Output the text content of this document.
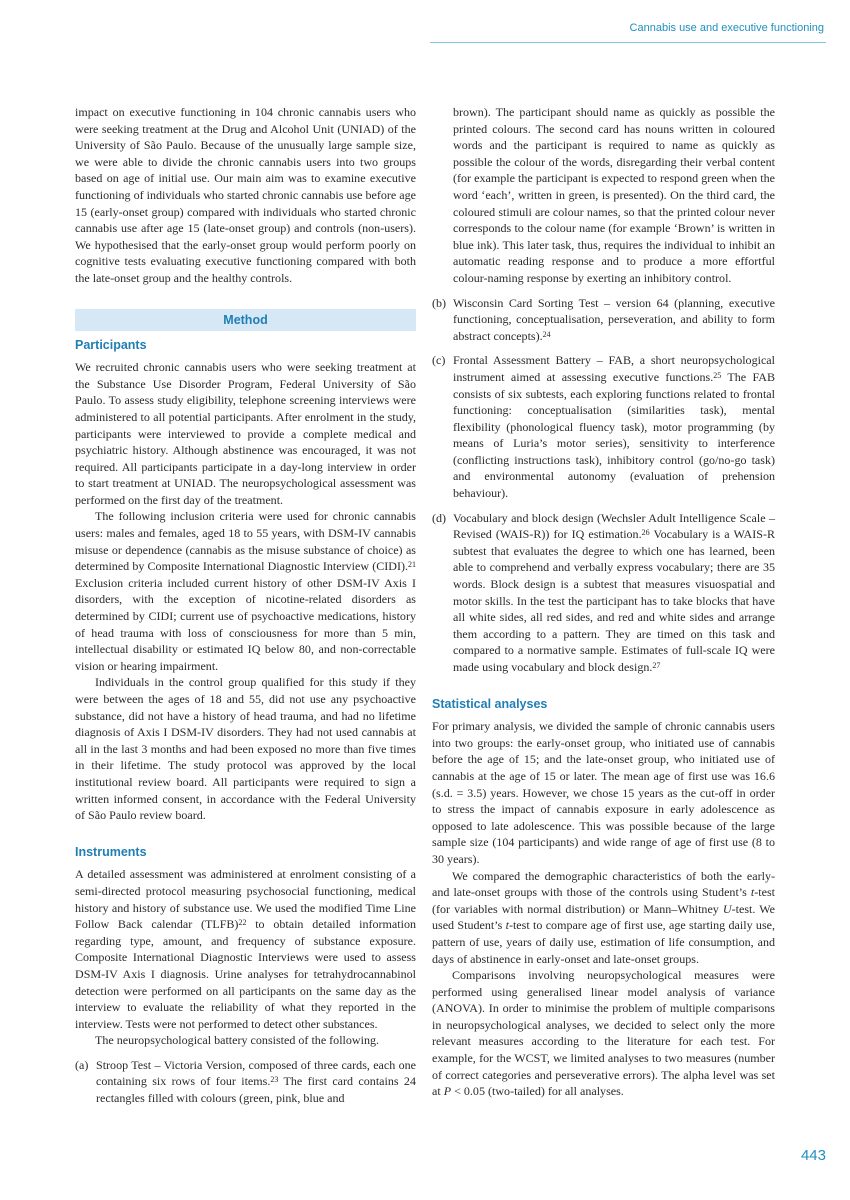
Cannabis use and executive functioning

impact on executive functioning in 104 chronic cannabis users who were seeking treatment at the Drug and Alcohol Unit (UNIAD) of the University of São Paulo. Because of the unusually large sample size, we were able to divide the chronic cannabis users into two groups based on age of initial use. Our main aim was to examine executive functioning of individuals who started chronic cannabis use before age 15 (early-onset group) compared with individuals who started chronic cannabis use after age 15 (late-onset group) and controls (non-users). We hypothesised that the early-onset group would perform poorly on cognitive tests evaluating executive functioning compared with both the late-onset group and the healthy controls.

Method
Participants

We recruited chronic cannabis users who were seeking treatment at the Substance Use Disorder Program, Federal University of São Paulo. To assess study eligibility, telephone screening interviews were administered to all potential participants. After enrolment in the study, participants were interviewed to provide a complete medical and psychiatric history. Although abstinence was encouraged, it was not required. All participants participate in a day-long interview in order to start treatment at UNIAD. The neuropsychological assessment was performed on the first day of the treatment.

The following inclusion criteria were used for chronic cannabis users: males and females, aged 18 to 55 years, with DSM-IV cannabis misuse or dependence (cannabis as the misuse substance of choice) as determined by Composite International Diagnostic Interview (CIDI).$^{21}$ Exclusion criteria included current history of other DSM-IV Axis I disorders, with the exception of nicotine-related disorders as determined by CIDI; current use of psychoactive medications, history of head trauma with loss of consciousness for more than 5 min, intellectual disability or estimated IQ below 80, and non-correctable vision or hearing impairment.

Individuals in the control group qualified for this study if they were between the ages of 18 and 55, did not use any psychoactive substance, did not have a history of head trauma, and had no lifetime diagnosis of Axis I DSM-IV disorders. They had not used cannabis at all in the last 3 months and had been exposed no more than five times in their lifetime. The study protocol was approved by the local institutional review board. All participants were required to sign a written informed consent, in accordance with the Federal University of São Paulo review board.

Instruments

A detailed assessment was administered at enrolment consisting of a semi-directed protocol measuring psychosocial functioning, medical history and history of substance use. We used the modified Time Line Follow Back calendar (TLFB)$^{22}$ to obtain detailed information regarding type, amount, and frequency of substance exposure. Composite International Diagnostic Interviews were used to assess DSM-IV Axis I diagnosis. Urine analyses for tetrahydrocannabinol detection were performed on all participants on the same day as the interview to evaluate the reliability of what they reported in the interview. Tests were not performed to detect other substances.

The neuropsychological battery consisted of the following.

(a) Stroop Test – Victoria Version, composed of three cards, each one containing six rows of four items.$^{23}$ The first card contains 24 rectangles filled with colours (green, pink, blue and
brown). The participant should name as quickly as possible the printed colours. The second card has nouns written in coloured words and the participant is required to name as quickly as possible the colour of the words, disregarding their verbal content (for example the participant is expected to respond green when the word ‘each’, written in green, is presented). On the third card, the coloured stimuli are colour names, so that the printed colour never corresponds to the colour name (for example ‘Brown’ is written in blue ink). This later task, thus, requires the individual to inhibit an automatic reading response and to produce a more effortful colour-naming response by exerting an inhibitory control.
(b) Wisconsin Card Sorting Test – version 64 (planning, executive functioning, conceptualisation, perseveration, and ability to form abstract concepts).$^{24}$
(c) Frontal Assessment Battery – FAB, a short neuropsychological instrument aimed at assessing executive functions.$^{25}$ The FAB consists of six subtests, each exploring functions related to frontal functioning: conceptualisation (similarities task), mental flexibility (phonological fluency task), motor programming (by means of Luria’s motor series), sensitivity to interference (conflicting instructions task), inhibitory control (go/no-go task) and environmental autonomy (evaluation of prehension behaviour).
(d) Vocabulary and block design (Wechsler Adult Intelligence Scale – Revised (WAIS-R)) for IQ estimation.$^{26}$ Vocabulary is a WAIS-R subtest that evaluates the degree to which one has learned, been able to comprehend and verbally express vocabulary; there are 35 words. Block design is a subtest that measures visuospatial and motor skills. In the test the participant has to take blocks that have all white sides, all red sides, and red and white sides and arrange them according to a pattern. They are timed on this task and compared to a normative sample. Estimates of full-scale IQ were made using vocabulary and block design.$^{27}$
Statistical analyses

For primary analysis, we divided the sample of chronic cannabis users into two groups: the early-onset group, who initiated use of cannabis before the age of 15; and the late-onset group, who initiated use of cannabis at the age of 15 or later. The mean age of first use was 16.6 (s.d. = 3.5) years. However, we chose 15 years as the cut-off in order to stress the impact of cannabis exposure in early adolescence as opposed to late adolescence. This was possible because of the large sample size (104 participants) and wide range of age of first use (8 to 30 years).

We compared the demographic characteristics of both the early- and late-onset groups with those of the controls using Student’s t-test (for variables with normal distribution) or Mann–Whitney U-test. We used Student’s t-test to compare age of first use, age starting daily use, pattern of use, years of daily use, estimation of life consumption, and days of abstinence in early-onset and late-onset groups.

Comparisons involving neuropsychological measures were performed using generalised linear model analysis of variance (ANOVA). In order to minimise the problem of multiple comparisons in neuropsychological analyses, we decided to select only the more relevant measures according to the literature for each test. For example, for the WCST, we limited analyses to two measures (number of correct categories and perseverative errors). The alpha level was set at P < 0.05 (two-tailed) for all analyses.

443
